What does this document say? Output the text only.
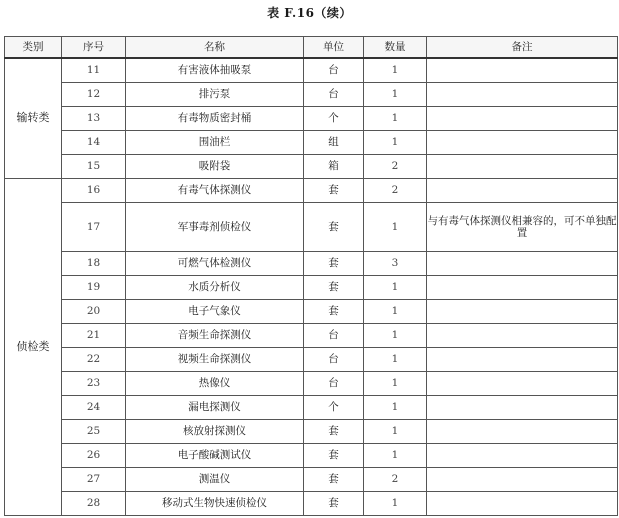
表 F.16（续）
类别	序号	名称	单位	数量	备注
输转类	11	有害液体抽吸泵	台	1	
	12	排污泵	台	1	
	13	有毒物质密封桶	个	1	
	14	围油栏	组	1	
	15	吸附袋	箱	2	
侦检类	16	有毒气体探测仪	套	2	
	17	军事毒剂侦检仪	套	1	与有毒气体探测仪相兼容的，可不单独配置
	18	可燃气体检测仪	套	3	
	19	水质分析仪	套	1	
	20	电子气象仪	套	1	
	21	音频生命探测仪	台	1	
	22	视频生命探测仪	台	1	
	23	热像仪	台	1	
	24	漏电探测仪	个	1	
	25	核放射探测仪	套	1	
	26	电子酸碱测试仪	套	1	
	27	测温仪	套	2	
	28	移动式生物快速侦检仪	套	1	
